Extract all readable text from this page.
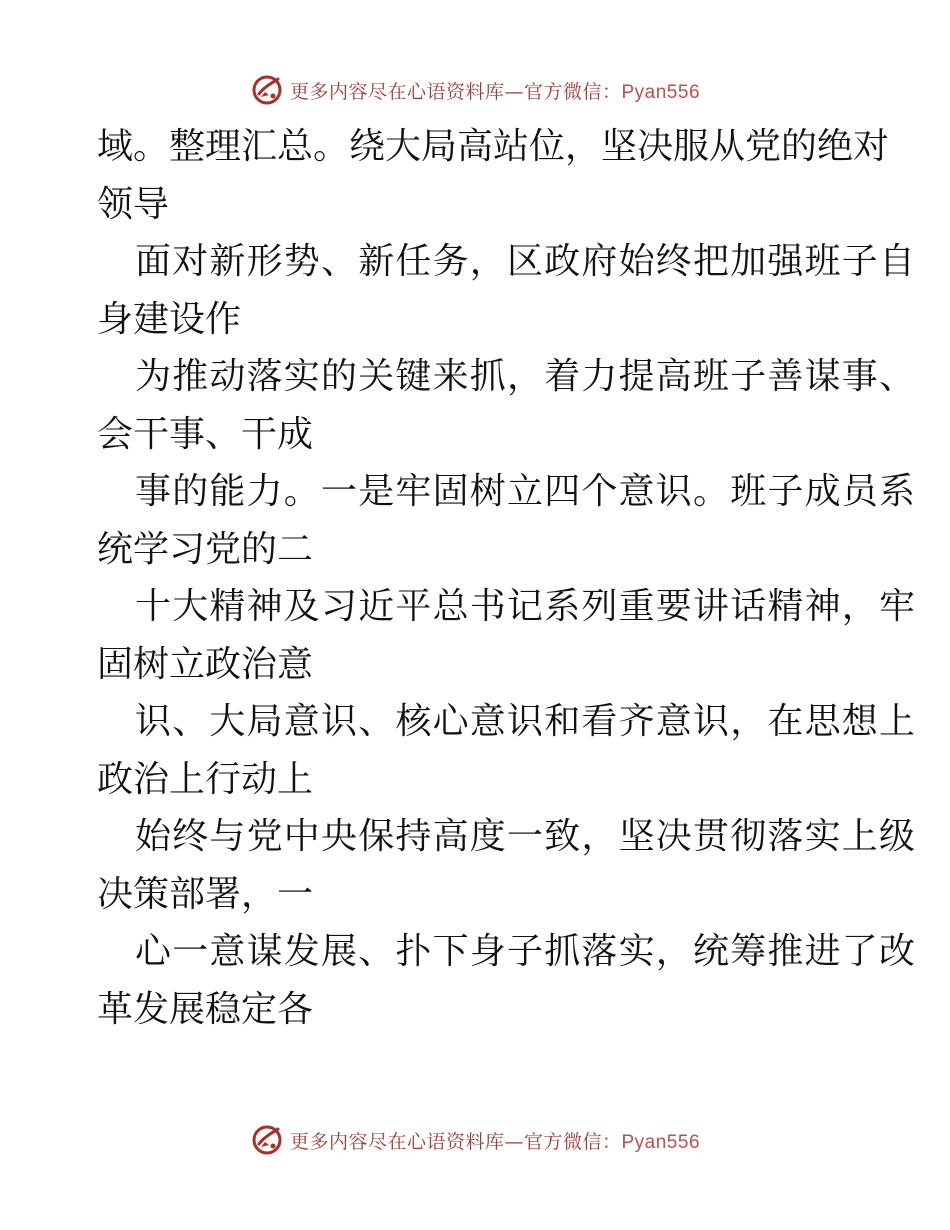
更多内容尽在心语资料库—官方微信：Pyan556
域。整理汇总。绕大局高站位，坚决服从党的绝对
领导
面对新形势、新任务，区政府始终把加强班子自
身建设作
为推动落实的关键来抓，着力提高班子善谋事、
会干事、干成
事的能力。一是牢固树立四个意识。班子成员系
统学习党的二
十大精神及习近平总书记系列重要讲话精神，牢
固树立政治意
识、大局意识、核心意识和看齐意识，在思想上
政治上行动上
始终与党中央保持高度一致，坚决贯彻落实上级
决策部署，一
心一意谋发展、扑下身子抓落实，统筹推进了改
革发展稳定各
更多内容尽在心语资料库—官方微信：Pyan556
